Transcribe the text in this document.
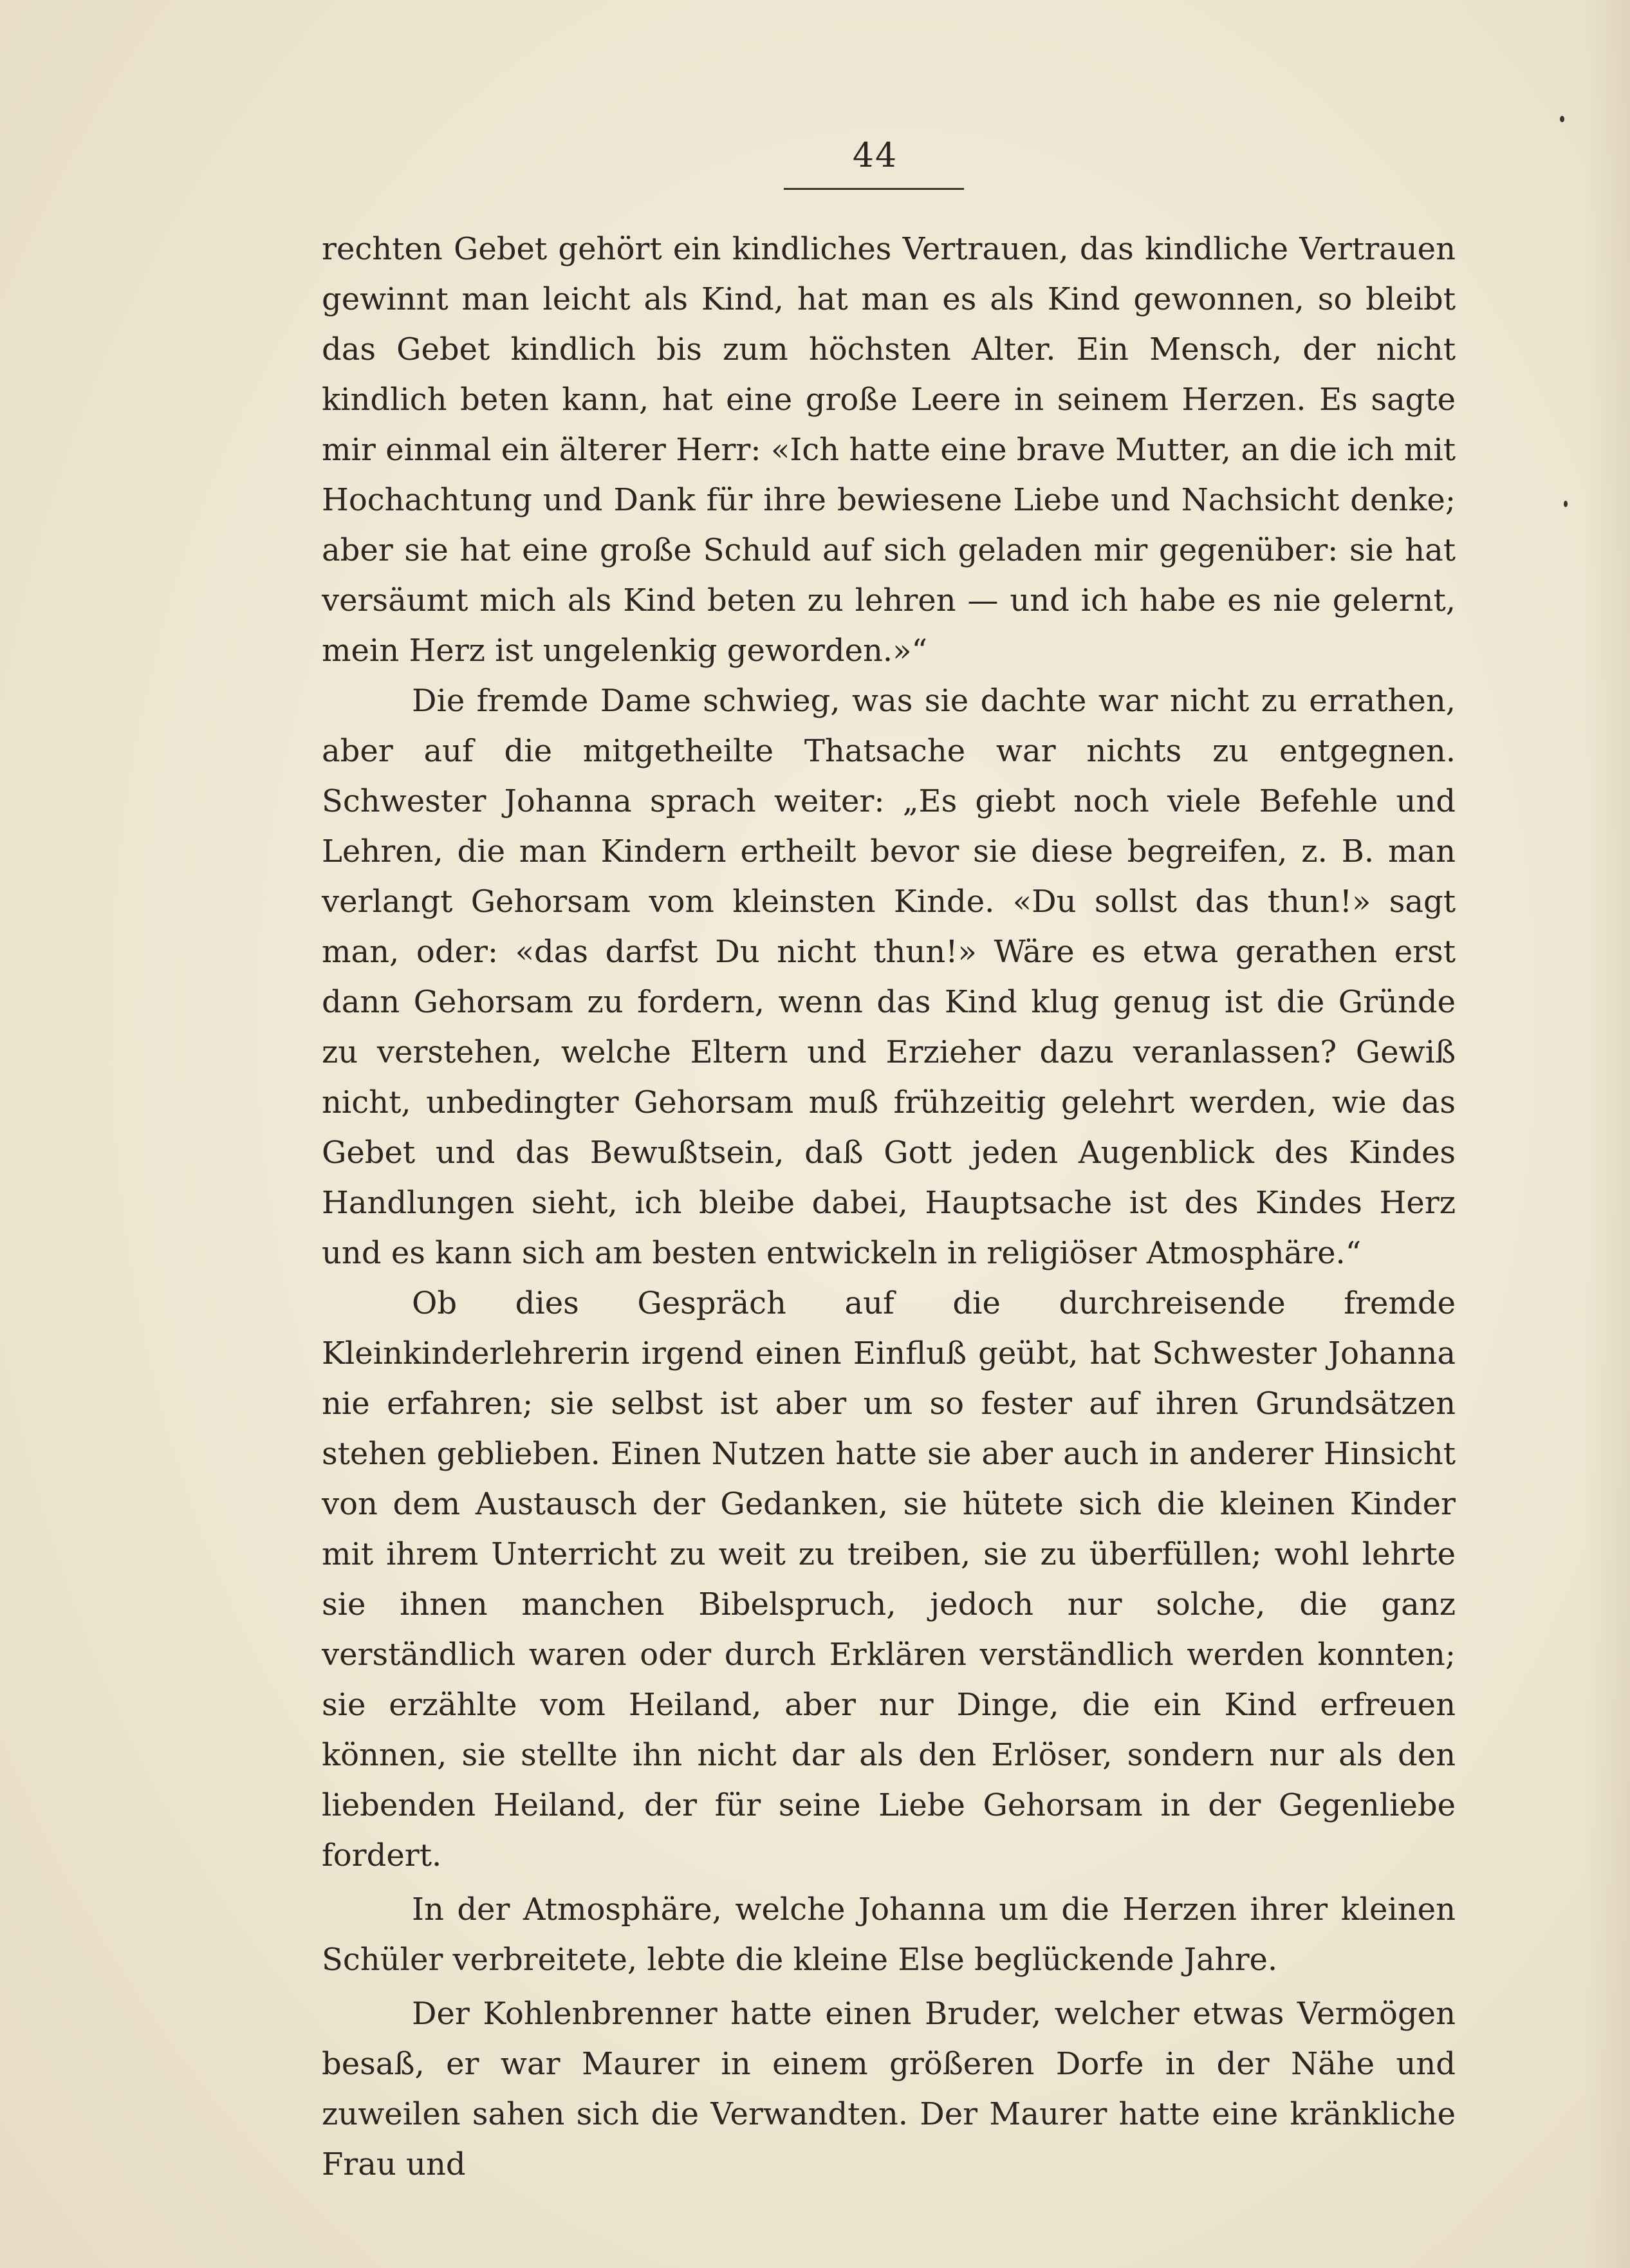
44

rechten Gebet gehört ein kindliches Vertrauen, das kindliche Vertrauen gewinnt man leicht als Kind, hat man es als Kind gewonnen, so bleibt das Gebet kindlich bis zum höchsten Alter. Ein Mensch, der nicht kindlich beten kann, hat eine große Leere in seinem Herzen. Es sagte mir einmal ein älterer Herr: «Ich hatte eine brave Mutter, an die ich mit Hochachtung und Dank für ihre bewiesene Liebe und Nachsicht denke; aber sie hat eine große Schuld auf sich geladen mir gegenüber: sie hat versäumt mich als Kind beten zu lehren — und ich habe es nie gelernt, mein Herz ist ungelenkig geworden.»“

Die fremde Dame schwieg, was sie dachte war nicht zu errathen, aber auf die mitgetheilte Thatsache war nichts zu entgegnen. Schwester Johanna sprach weiter: „Es giebt noch viele Befehle und Lehren, die man Kindern ertheilt bevor sie diese begreifen, z. B. man verlangt Gehorsam vom kleinsten Kinde. «Du sollst das thun!» sagt man, oder: «das darfst Du nicht thun!» Wäre es etwa gerathen erst dann Gehorsam zu fordern, wenn das Kind klug genug ist die Gründe zu verstehen, welche Eltern und Erzieher dazu veranlassen? Gewiß nicht, unbedingter Gehorsam muß frühzeitig gelehrt werden, wie das Gebet und das Bewußtsein, daß Gott jeden Augenblick des Kindes Handlungen sieht, ich bleibe dabei, Hauptsache ist des Kindes Herz und es kann sich am besten entwickeln in religiöser Atmosphäre.“

Ob dies Gespräch auf die durchreisende fremde Kleinkinderlehrerin irgend einen Einfluß geübt, hat Schwester Johanna nie erfahren; sie selbst ist aber um so fester auf ihren Grundsätzen stehen geblieben. Einen Nutzen hatte sie aber auch in anderer Hinsicht von dem Austausch der Gedanken, sie hütete sich die kleinen Kinder mit ihrem Unterricht zu weit zu treiben, sie zu überfüllen; wohl lehrte sie ihnen manchen Bibelspruch, jedoch nur solche, die ganz verständlich waren oder durch Erklären verständlich werden konnten; sie erzählte vom Heiland, aber nur Dinge, die ein Kind erfreuen können, sie stellte ihn nicht dar als den Erlöser, sondern nur als den liebenden Heiland, der für seine Liebe Gehorsam in der Gegenliebe fordert.

In der Atmosphäre, welche Johanna um die Herzen ihrer kleinen Schüler verbreitete, lebte die kleine Else beglückende Jahre.

Der Kohlenbrenner hatte einen Bruder, welcher etwas Vermögen besaß, er war Maurer in einem größeren Dorfe in der Nähe und zuweilen sahen sich die Verwandten. Der Maurer hatte eine kränkliche Frau und
